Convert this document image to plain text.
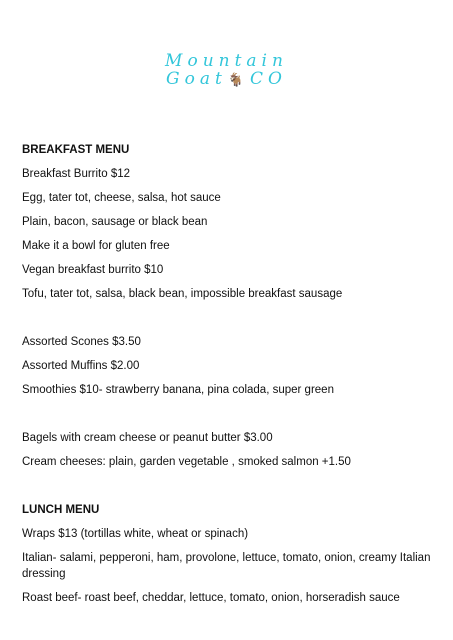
Mountain
Goat🐐CO
BREAKFAST MENU
Breakfast Burrito $12
Egg, tater tot, cheese, salsa, hot sauce
Plain, bacon, sausage or black bean
Make it a bowl for gluten free
Vegan breakfast burrito $10
Tofu, tater tot, salsa, black bean, impossible breakfast sausage
Assorted Scones $3.50
Assorted Muffins $2.00
Smoothies $10- strawberry banana, pina colada, super green
Bagels with cream cheese or peanut butter $3.00
Cream cheeses: plain, garden vegetable , smoked salmon +1.50
LUNCH MENU
Wraps $13 (tortillas white, wheat or spinach)
Italian- salami, pepperoni, ham, provolone, lettuce, tomato, onion, creamy Italian dressing
Roast beef- roast beef, cheddar, lettuce, tomato, onion, horseradish sauce
